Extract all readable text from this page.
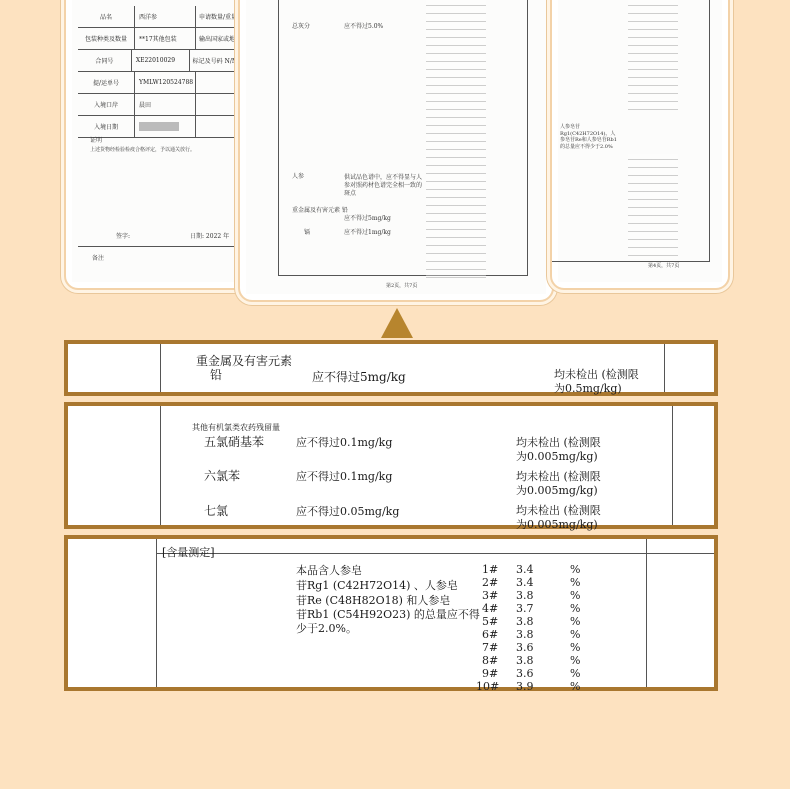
品名	西洋参	申请数量/重量
包装种类及数量	**17其他包装	输出国家或地
合同号	XE22010029	标记及号码 N/M
提/运单号	YMLW120524788
入境口岸	晨田
入境日期
证明
上述货物经检验检疫合格评定，予以通关放行。
签字:	日期: 2022 年
备注
总灰分	应不得过5.0%
人参	供试品色谱中，应不得显与人参对照药材色谱完全相一致的斑点
重金属及有害元素 铅
应不得过5mg/kg
镉	应不得过1mg/kg
第2页，共7页
人参皂苷Rg1(C42H72O14)、人参皂苷Re和人参皂苷Rb1的总量应不得少于2.0%
第4页，共7页
重金属及有害元素
铅	应不得过5mg/kg	均未检出 (检测限
为0.5mg/kg)
其他有机氯类农药残留量
五氯硝基苯	应不得过0.1mg/kg	均未检出 (检测限
为0.005mg/kg)
六氯苯	应不得过0.1mg/kg	均未检出 (检测限
为0.005mg/kg)
七氯	应不得过0.05mg/kg	均未检出 (检测限
为0.005mg/kg)
[含量测定]
本品含人参皂
苷Rg1 (C42H72O14) 、人参皂
苷Re (C48H82O18) 和人参皂
苷Rb1 (C54H92O23) 的总量应不得
少于2.0%。
1# 3.4	%
2# 3.4	%
3# 3.8	%
4# 3.7	%
5# 3.8	%
6# 3.8	%
7# 3.6	%
8# 3.8	%
9# 3.6	%
10# 3.9	%
